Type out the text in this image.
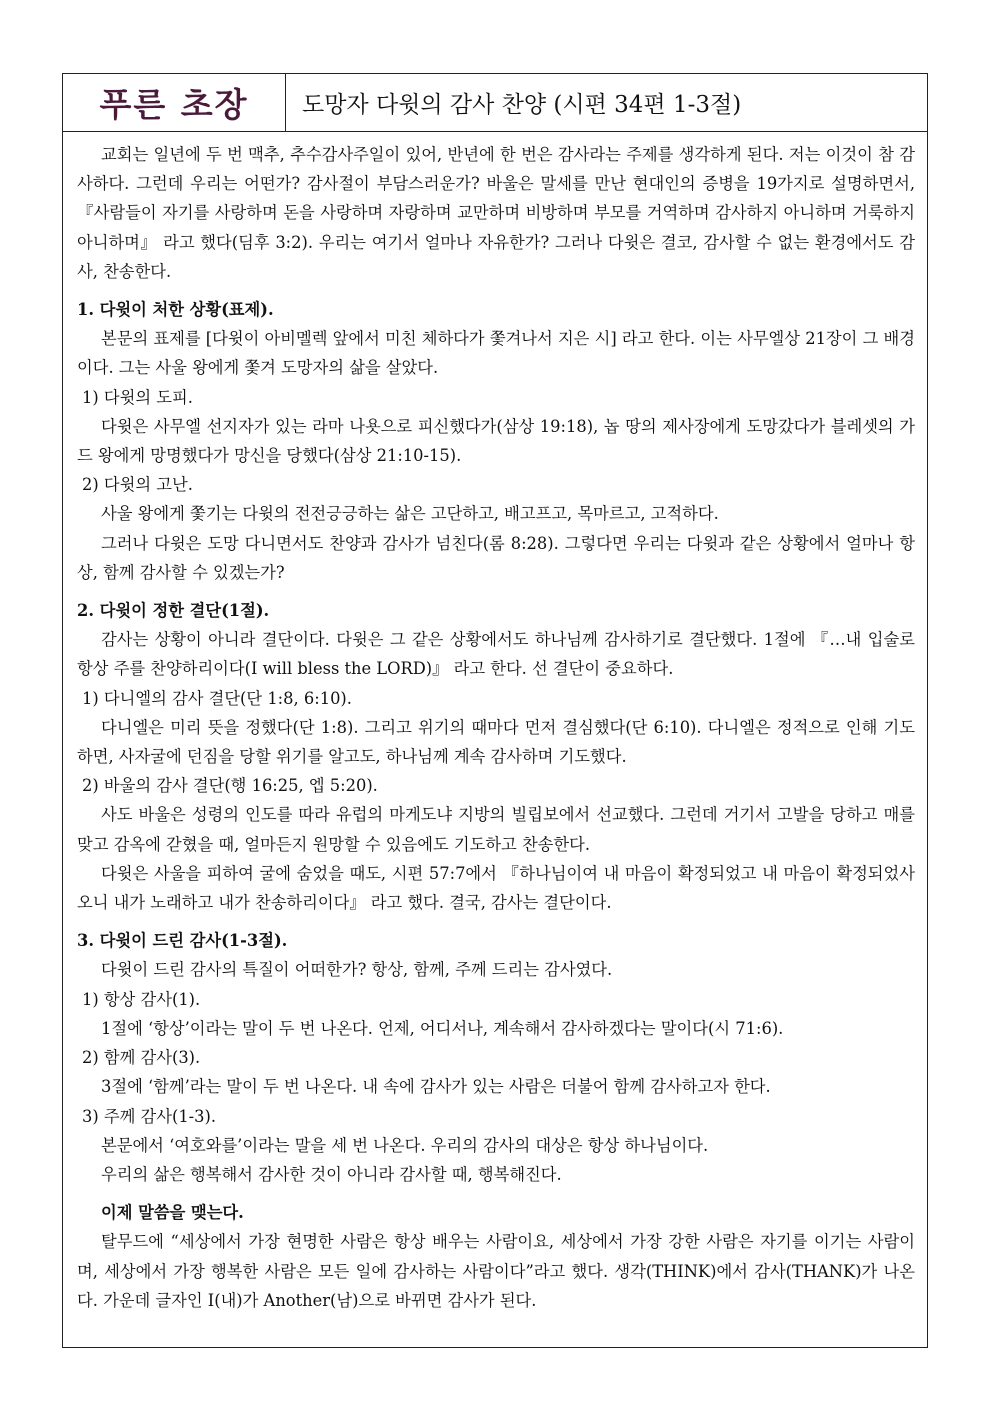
푸른 초장	도망자 다윗의 감사 찬양 (시편 34편 1-3절)

교회는 일년에 두 번 맥추, 추수감사주일이 있어, 반년에 한 번은 감사라는 주제를 생각하게 된다. 저는 이것이 참 감사하다. 그런데 우리는 어떤가? 감사절이 부담스러운가? 바울은 말세를 만난 현대인의 증병을 19가지로 설명하면서, 『사람들이 자기를 사랑하며 돈을 사랑하며 자랑하며 교만하며 비방하며 부모를 거역하며 감사하지 아니하며 거룩하지 아니하며』 라고 했다(딤후 3:2). 우리는 여기서 얼마나 자유한가? 그러나 다윗은 결코, 감사할 수 없는 환경에서도 감사, 찬송한다.

1. 다윗이 처한 상황(표제).

본문의 표제를 [다윗이 아비멜렉 앞에서 미친 체하다가 쫓겨나서 지은 시] 라고 한다. 이는 사무엘상 21장이 그 배경이다. 그는 사울 왕에게 쫓겨 도망자의 삶을 살았다.

1) 다윗의 도피.

다윗은 사무엘 선지자가 있는 라마 나욧으로 피신했다가(삼상 19:18), 놉 땅의 제사장에게 도망갔다가 블레셋의 가드 왕에게 망명했다가 망신을 당했다(삼상 21:10-15).

2) 다윗의 고난.

사울 왕에게 쫓기는 다윗의 전전긍긍하는 삶은 고단하고, 배고프고, 목마르고, 고적하다.

그러나 다윗은 도망 다니면서도 찬양과 감사가 넘친다(롬 8:28). 그렇다면 우리는 다윗과 같은 상황에서 얼마나 항상, 함께 감사할 수 있겠는가?

2. 다윗이 정한 결단(1절).

감사는 상황이 아니라 결단이다. 다윗은 그 같은 상황에서도 하나님께 감사하기로 결단했다. 1절에 『…내 입술로 항상 주를 찬양하리이다(I will bless the LORD)』 라고 한다. 선 결단이 중요하다.

1) 다니엘의 감사 결단(단 1:8, 6:10).

다니엘은 미리 뜻을 정했다(단 1:8). 그리고 위기의 때마다 먼저 결심했다(단 6:10). 다니엘은 정적으로 인해 기도하면, 사자굴에 던짐을 당할 위기를 알고도, 하나님께 계속 감사하며 기도했다.

2) 바울의 감사 결단(행 16:25, 엡 5:20).

사도 바울은 성령의 인도를 따라 유럽의 마게도냐 지방의 빌립보에서 선교했다. 그런데 거기서 고발을 당하고 매를 맞고 감옥에 갇혔을 때, 얼마든지 원망할 수 있음에도 기도하고 찬송한다.

다윗은 사울을 피하여 굴에 숨었을 때도, 시편 57:7에서 『하나님이여 내 마음이 확정되었고 내 마음이 확정되었사오니 내가 노래하고 내가 찬송하리이다』 라고 했다. 결국, 감사는 결단이다.

3. 다윗이 드린 감사(1-3절).

다윗이 드린 감사의 특질이 어떠한가? 항상, 함께, 주께 드리는 감사였다.

1) 항상 감사(1).

1절에 ‘항상’이라는 말이 두 번 나온다. 언제, 어디서나, 계속해서 감사하겠다는 말이다(시 71:6).

2) 함께 감사(3).

3절에 ‘함께’라는 말이 두 번 나온다. 내 속에 감사가 있는 사람은 더불어 함께 감사하고자 한다.

3) 주께 감사(1-3).

본문에서 ‘여호와를’이라는 말을 세 번 나온다. 우리의 감사의 대상은 항상 하나님이다.

우리의 삶은 행복해서 감사한 것이 아니라 감사할 때, 행복해진다.

이제 말씀을 맺는다.

탈무드에 “세상에서 가장 현명한 사람은 항상 배우는 사람이요, 세상에서 가장 강한 사람은 자기를 이기는 사람이며, 세상에서 가장 행복한 사람은 모든 일에 감사하는 사람이다”라고 했다. 생각(THINK)에서 감사(THANK)가 나온다. 가운데 글자인 I(내)가 Another(남)으로 바뀌면 감사가 된다.
